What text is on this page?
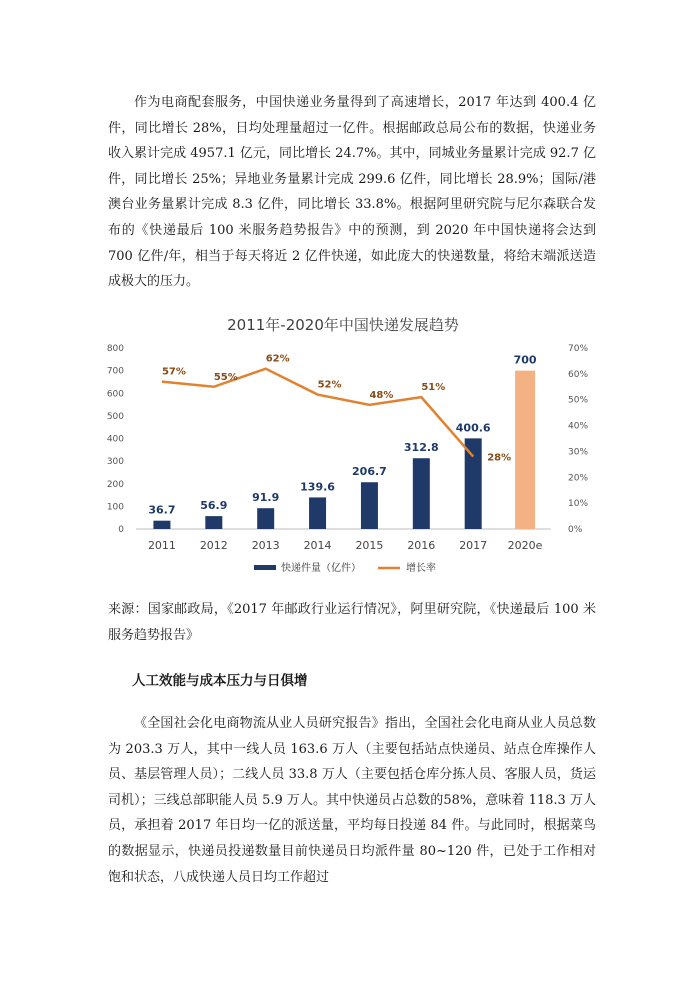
作为电商配套服务，中国快递业务量得到了高速增长，2017 年达到 400.4 亿件，同比增长 28%，日均处理量超过一亿件。根据邮政总局公布的数据，快递业务收入累计完成 4957.1 亿元，同比增长 24.7%。其中，同城业务量累计完成 92.7 亿件，同比增长 25%；异地业务量累计完成 299.6 亿件，同比增长 28.9%；国际/港澳台业务量累计完成 8.3 亿件，同比增长 33.8%。根据阿里研究院与尼尔森联合发布的《快递最后 100 米服务趋势报告》中的预测，到 2020 年中国快递将会达到 700 亿件/年，相当于每天将近 2 亿件快递，如此庞大的快递数量，将给末端派送造成极大的压力。

2011年-2020年中国快递发展趋势
0
100
200
300
400
500
600
700
800
0%
10%
20%
30%
40%
50%
60%
70%
36.7 56.9
91.9
139.6
206.7
312.8
400.6
700
57%	55%
62%
52%
48%
51%
28%
2011 2012 2013 2014 2015 2016 2017 2020e
快递件量（亿件）	增长率

来源：国家邮政局，《2017 年邮政行业运行情况》，阿里研究院，《快递最后 100 米服务趋势报告》

人工效能与成本压力与日俱增

《全国社会化电商物流从业人员研究报告》指出，全国社会化电商从业人员总数为 203.3 万人，其中一线人员 163.6 万人（主要包括站点快递员、站点仓库操作人员、基层管理人员）；二线人员 33.8 万人（主要包括仓库分拣人员、客服人员，货运司机）；三线总部职能人员 5.9 万人。其中快递员占总数的58%，意味着 118.3 万人员，承担着 2017 年日均一亿的派送量，平均每日投递 84 件。与此同时，根据菜鸟的数据显示，快递员投递数量目前快递员日均派件量 80~120 件，已处于工作相对饱和状态，八成快递人员日均工作超过
